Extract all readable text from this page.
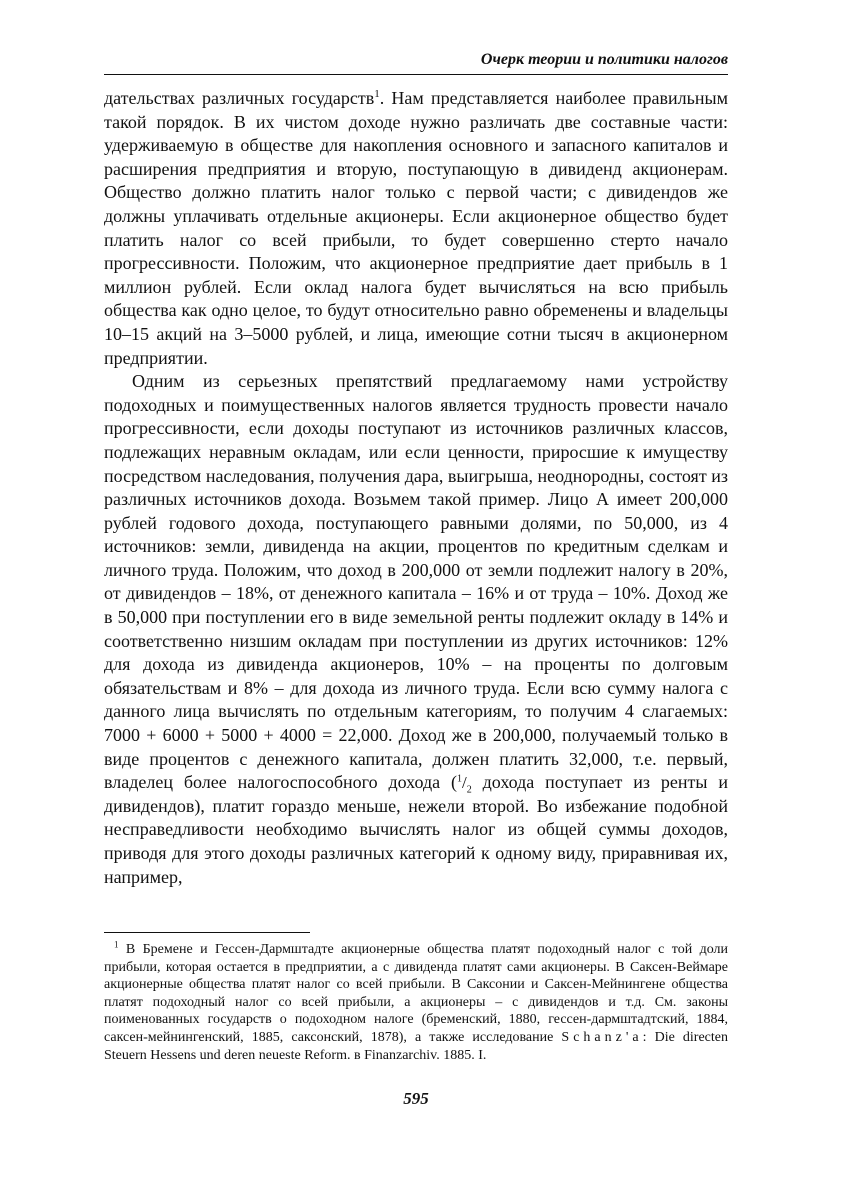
Очерк теории и политики налогов

дательствах различных государств$^1$. Нам представляется наиболее правильным такой порядок. В их чистом доходе нужно различать две составные части: удерживаемую в обществе для накопления основного и запасного капиталов и расширения предприятия и вторую, поступающую в дивиденд акционерам. Общество должно платить налог только с первой части; с дивидендов же должны уплачивать отдельные акционеры. Если акционерное общество будет платить налог со всей прибыли, то будет совершенно стерто начало прогрессивности. Положим, что акционерное предприятие дает прибыль в 1 миллион рублей. Если оклад налога будет вычисляться на всю прибыль общества как одно целое, то будут относительно равно обременены и владельцы 10–15 акций на 3–5000 рублей, и лица, имеющие сотни тысяч в акционерном предприятии.

Одним из серьезных препятствий предлагаемому нами устройству подоходных и поимущественных налогов является трудность провести начало прогрессивности, если доходы поступают из источников различных классов, подлежащих неравным окладам, или если ценности, приросшие к имуществу посредством наследования, получения дара, выигрыша, неоднородны, состоят из различных источников дохода. Возьмем такой пример. Лицо А имеет 200,000 рублей годового дохода, поступающего равными долями, по 50,000, из 4 источников: земли, дивиденда на акции, процентов по кредитным сделкам и личного труда. Положим, что доход в 200,000 от земли подлежит налогу в 20%, от дивидендов – 18%, от денежного капитала – 16% и от труда – 10%. Доход же в 50,000 при поступлении его в виде земельной ренты подлежит окладу в 14% и соответственно низшим окладам при поступлении из других источников: 12% для дохода из дивиденда акционеров, 10% – на проценты по долговым обязательствам и 8% – для дохода из личного труда. Если всю сумму налога с данного лица вычислять по отдельным категориям, то получим 4 слагаемых: 7000 + 6000 + 5000 + 4000 = 22,000. Доход же в 200,000, получаемый только в виде процентов с денежного капитала, должен платить 32,000, т.е. первый, владелец более налогоспособного дохода ($^1/_2$ дохода поступает из ренты и дивидендов), платит гораздо меньше, нежели второй. Во избежание подобной несправедливости необходимо вычислять налог из общей суммы доходов, приводя для этого доходы различных категорий к одному виду, приравнивая их, например,

$^1$ В Бремене и Гессен-Дармштадте акционерные общества платят подоходный налог с той доли прибыли, которая остается в предприятии, а с дивиденда платят сами акционеры. В Саксен-Веймаре акционерные общества платят налог со всей прибыли. В Саксонии и Саксен-Мейнингене общества платят подоходный налог со всей прибыли, а акционеры – с дивидендов и т.д. См. законы поименованных государств о подоходном налоге (бременский, 1880, гессен-дармштадтский, 1884, саксен-мейнингенский, 1885, саксонский, 1878), а также исследование Schanz'a: Die directen Steuern Hessens und deren neueste Reform. в Finanzarchiv. 1885. I.

595
